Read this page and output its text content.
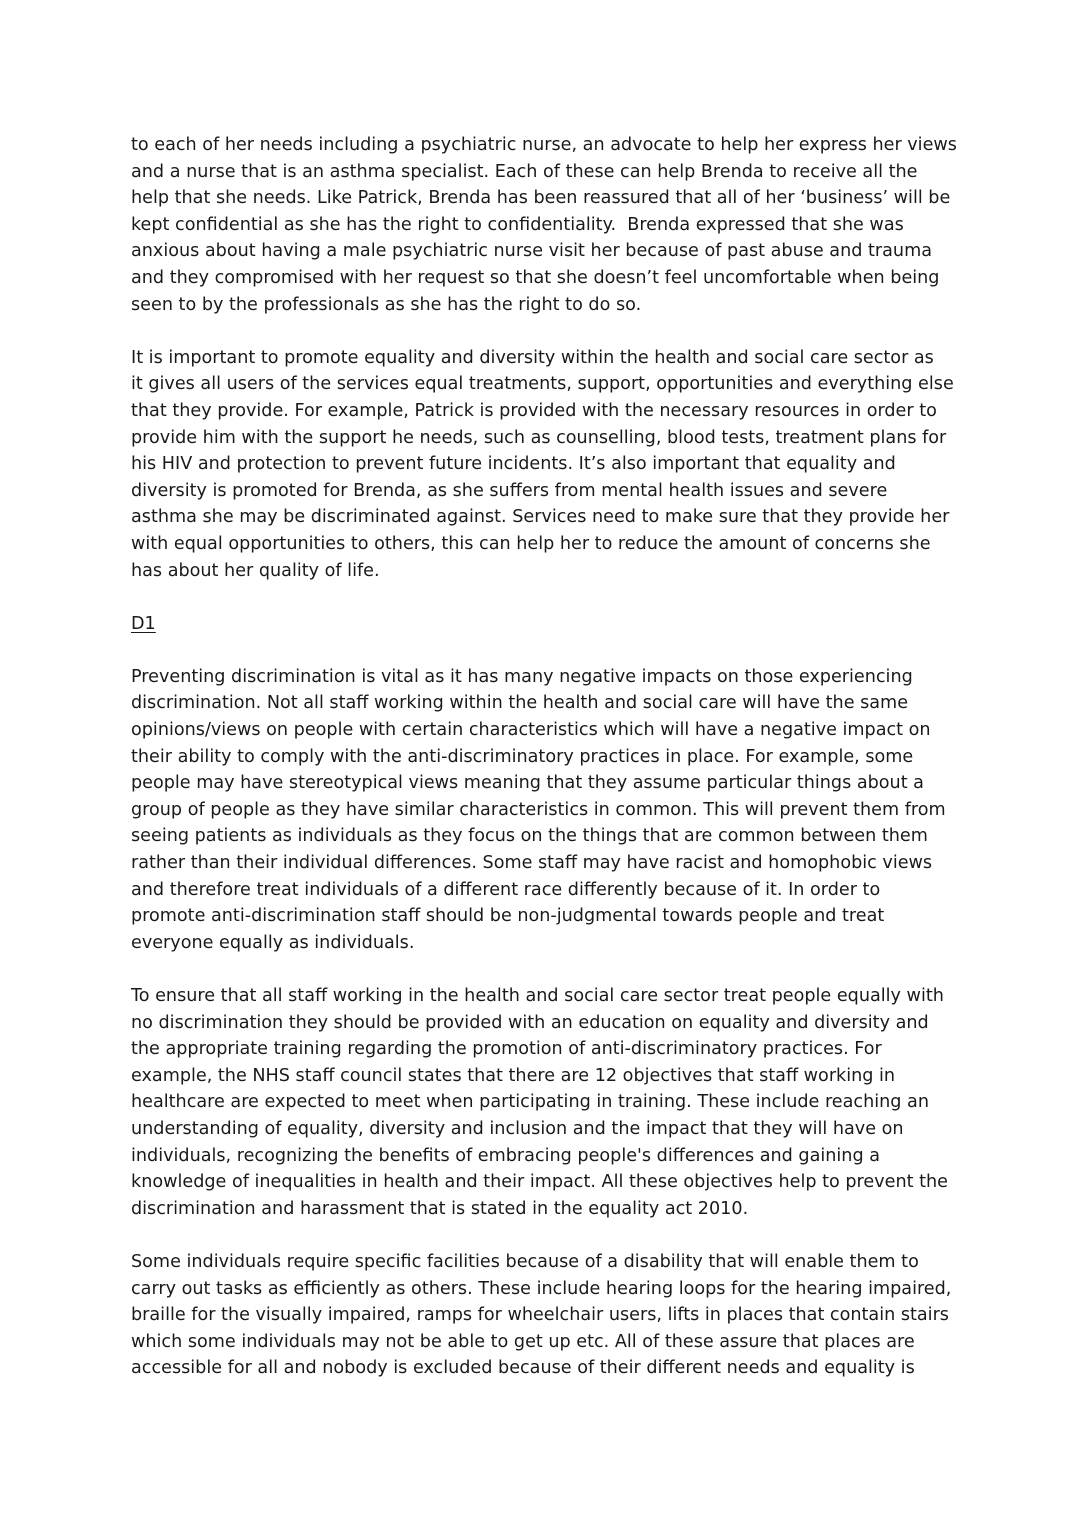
to each of her needs including a psychiatric nurse, an advocate to help her express her views
and a nurse that is an asthma specialist. Each of these can help Brenda to receive all the
help that she needs. Like Patrick, Brenda has been reassured that all of her ‘business’ will be
kept confidential as she has the right to confidentiality.  Brenda expressed that she was
anxious about having a male psychiatric nurse visit her because of past abuse and trauma
and they compromised with her request so that she doesn’t feel uncomfortable when being
seen to by the professionals as she has the right to do so.

It is important to promote equality and diversity within the health and social care sector as
it gives all users of the services equal treatments, support, opportunities and everything else
that they provide. For example, Patrick is provided with the necessary resources in order to
provide him with the support he needs, such as counselling, blood tests, treatment plans for
his HIV and protection to prevent future incidents. It’s also important that equality and
diversity is promoted for Brenda, as she suffers from mental health issues and severe
asthma she may be discriminated against. Services need to make sure that they provide her
with equal opportunities to others, this can help her to reduce the amount of concerns she
has about her quality of life.

D1

Preventing discrimination is vital as it has many negative impacts on those experiencing
discrimination. Not all staff working within the health and social care will have the same
opinions/views on people with certain characteristics which will have a negative impact on
their ability to comply with the anti-discriminatory practices in place. For example, some
people may have stereotypical views meaning that they assume particular things about a
group of people as they have similar characteristics in common. This will prevent them from
seeing patients as individuals as they focus on the things that are common between them
rather than their individual differences. Some staff may have racist and homophobic views
and therefore treat individuals of a different race differently because of it. In order to
promote anti-discrimination staff should be non-judgmental towards people and treat
everyone equally as individuals.

To ensure that all staff working in the health and social care sector treat people equally with
no discrimination they should be provided with an education on equality and diversity and
the appropriate training regarding the promotion of anti-discriminatory practices. For
example, the NHS staff council states that there are 12 objectives that staff working in
healthcare are expected to meet when participating in training. These include reaching an
understanding of equality, diversity and inclusion and the impact that they will have on
individuals, recognizing the benefits of embracing people's differences and gaining a
knowledge of inequalities in health and their impact. All these objectives help to prevent the
discrimination and harassment that is stated in the equality act 2010.

Some individuals require specific facilities because of a disability that will enable them to
carry out tasks as efficiently as others. These include hearing loops for the hearing impaired,
braille for the visually impaired, ramps for wheelchair users, lifts in places that contain stairs
which some individuals may not be able to get up etc. All of these assure that places are
accessible for all and nobody is excluded because of their different needs and equality is
